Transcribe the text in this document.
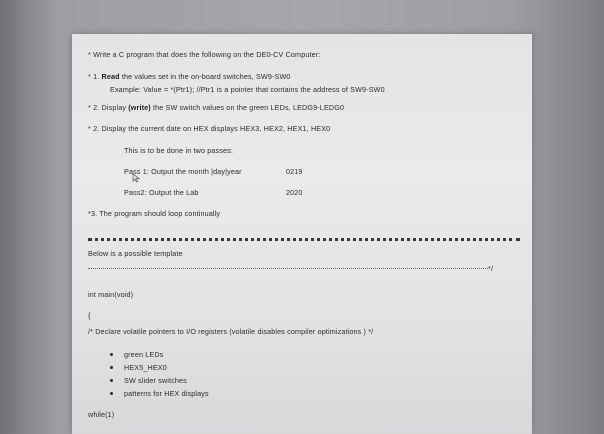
* Write a C program that does the following on the DE0-CV Computer:
* 1. Read the values set in the on-board switches, SW9-SW0
Example: Value = *(Ptr1); //Ptr1 is a pointer that contains the address of SW9-SW0
* 2. Display (write) the SW switch values on the green LEDs, LEDG9-LEDG0
* 2. Display the current date on HEX displays HEX3, HEX2, HEX1, HEX0
This is to be done in two passes:
Pass 1: Output the month |day|year	0219
Pass2: Output the Lab	2020
*3. The program should loop continually
Below is a possible template
*/
int main(void)
{
/* Declare volatile pointers to I/O registers (volatile disables compiler optimizations ) */
green LEDs
HEX5_HEX0
SW slider switches
patterns for HEX displays
while(1)
